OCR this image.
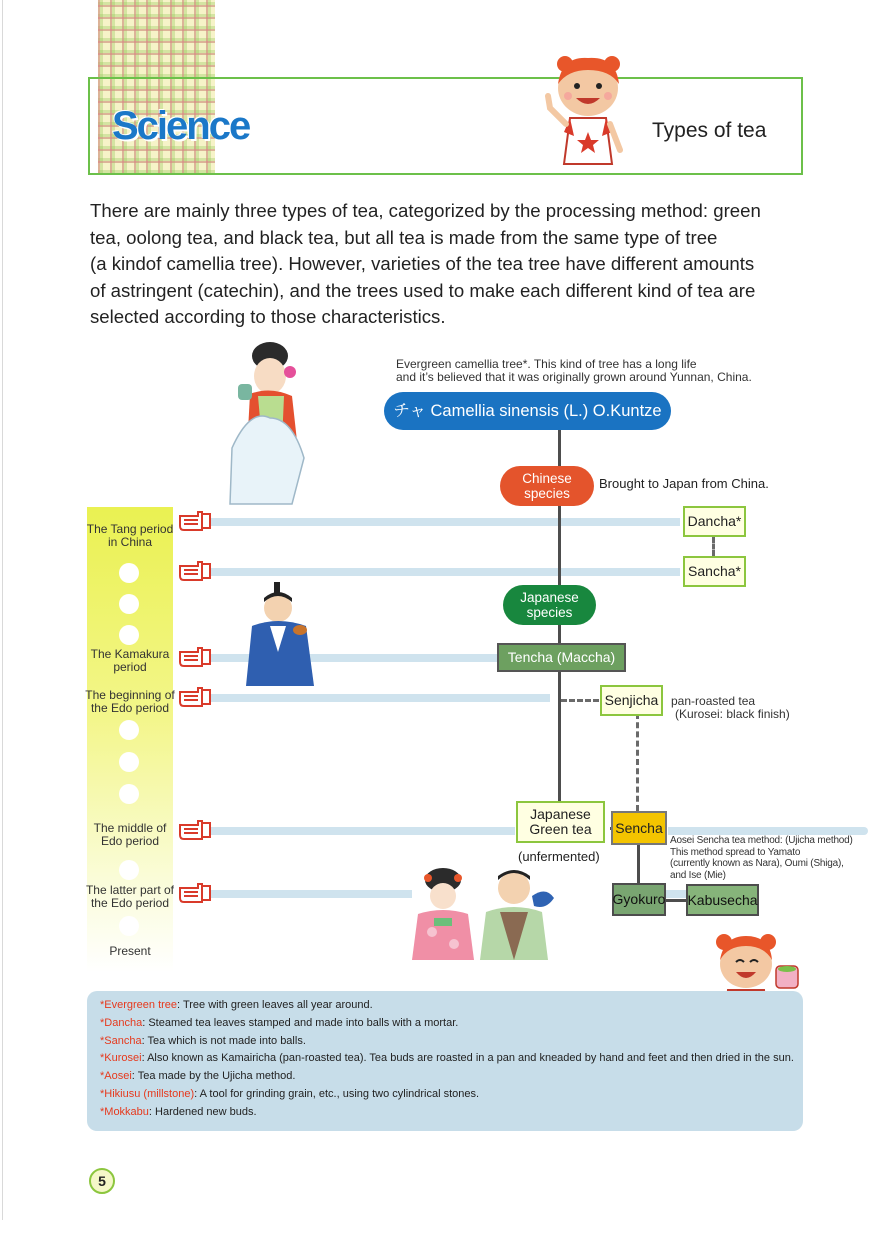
Science	Types of tea
There are mainly three types of tea, categorized by the processing method: green
tea, oolong tea, and black tea, but all tea is made from the same type of tree
(a kindof camellia tree). However, varieties of the tea tree have different amounts
of astringent (catechin), and the trees used to make each different kind of tea are
selected according to those characteristics.
The Tang period
in China
The Kamakura
period
The beginning of
the Edo period
The middle of
Edo period
The latter part of
the Edo period
Present
Evergreen camellia tree*. This kind of tree has a long life
and it’s believed that it was originally grown around Yunnan, China.
チャ Camellia sinensis (L.) O.Kuntze
Chinese
species
Brought to Japan from China.
Dancha*
Sancha*
Japanese
species
Tencha (Maccha)
Senjicha	pan-roasted tea
(Kurosei: black finish)
Japanese
Green tea
(unfermented)
Sencha
Aosei Sencha tea method: (Ujicha method)
This method spread to Yamato
(currently known as Nara), Oumi (Shiga),
and Ise (Mie)
Gyokuro Kabusecha
*Evergreen tree: Tree with green leaves all year around.
*Dancha: Steamed tea leaves stamped and made into balls with a mortar.
*Sancha: Tea which is not made into balls.
*Kurosei: Also known as Kamairicha (pan-roasted tea). Tea buds are roasted in a pan and kneaded by hand and feet and then dried in the sun.
*Aosei: Tea made by the Ujicha method.
*Hikiusu (millstone): A tool for grinding grain, etc., using two cylindrical stones.
*Mokkabu: Hardened new buds.
5
